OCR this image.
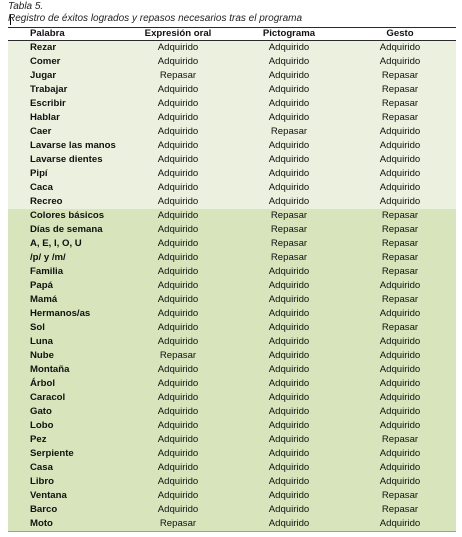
Tabla 5.
Registro de éxitos logrados y repasos necesarios tras el programa
Palabra	Expresión oral	Pictograma	Gesto
Rezar	Adquirido	Adquirido	Adquirido
Comer	Adquirido	Adquirido	Adquirido
Jugar	Repasar	Adquirido	Repasar
Trabajar	Adquirido	Adquirido	Repasar
Escribir	Adquirido	Adquirido	Repasar
Hablar	Adquirido	Adquirido	Repasar
Caer	Adquirido	Repasar	Adquirido
Lavarse las manos	Adquirido	Adquirido	Adquirido
Lavarse dientes	Adquirido	Adquirido	Adquirido
Pipí	Adquirido	Adquirido	Adquirido
Caca	Adquirido	Adquirido	Adquirido
Recreo	Adquirido	Adquirido	Adquirido
Colores básicos	Adquirido	Repasar	Repasar
Días de semana	Adquirido	Repasar	Repasar
A, E, I, O, U	Adquirido	Repasar	Repasar
/p/ y /m/	Adquirido	Repasar	Repasar
Familia	Adquirido	Adquirido	Repasar
Papá	Adquirido	Adquirido	Adquirido
Mamá	Adquirido	Adquirido	Repasar
Hermanos/as	Adquirido	Adquirido	Adquirido
Sol	Adquirido	Adquirido	Repasar
Luna	Adquirido	Adquirido	Adquirido
Nube	Repasar	Adquirido	Adquirido
Montaña	Adquirido	Adquirido	Adquirido
Árbol	Adquirido	Adquirido	Adquirido
Caracol	Adquirido	Adquirido	Adquirido
Gato	Adquirido	Adquirido	Adquirido
Lobo	Adquirido	Adquirido	Adquirido
Pez	Adquirido	Adquirido	Repasar
Serpiente	Adquirido	Adquirido	Adquirido
Casa	Adquirido	Adquirido	Adquirido
Libro	Adquirido	Adquirido	Adquirido
Ventana	Adquirido	Adquirido	Repasar
Barco	Adquirido	Adquirido	Repasar
Moto	Repasar	Adquirido	Adquirido
